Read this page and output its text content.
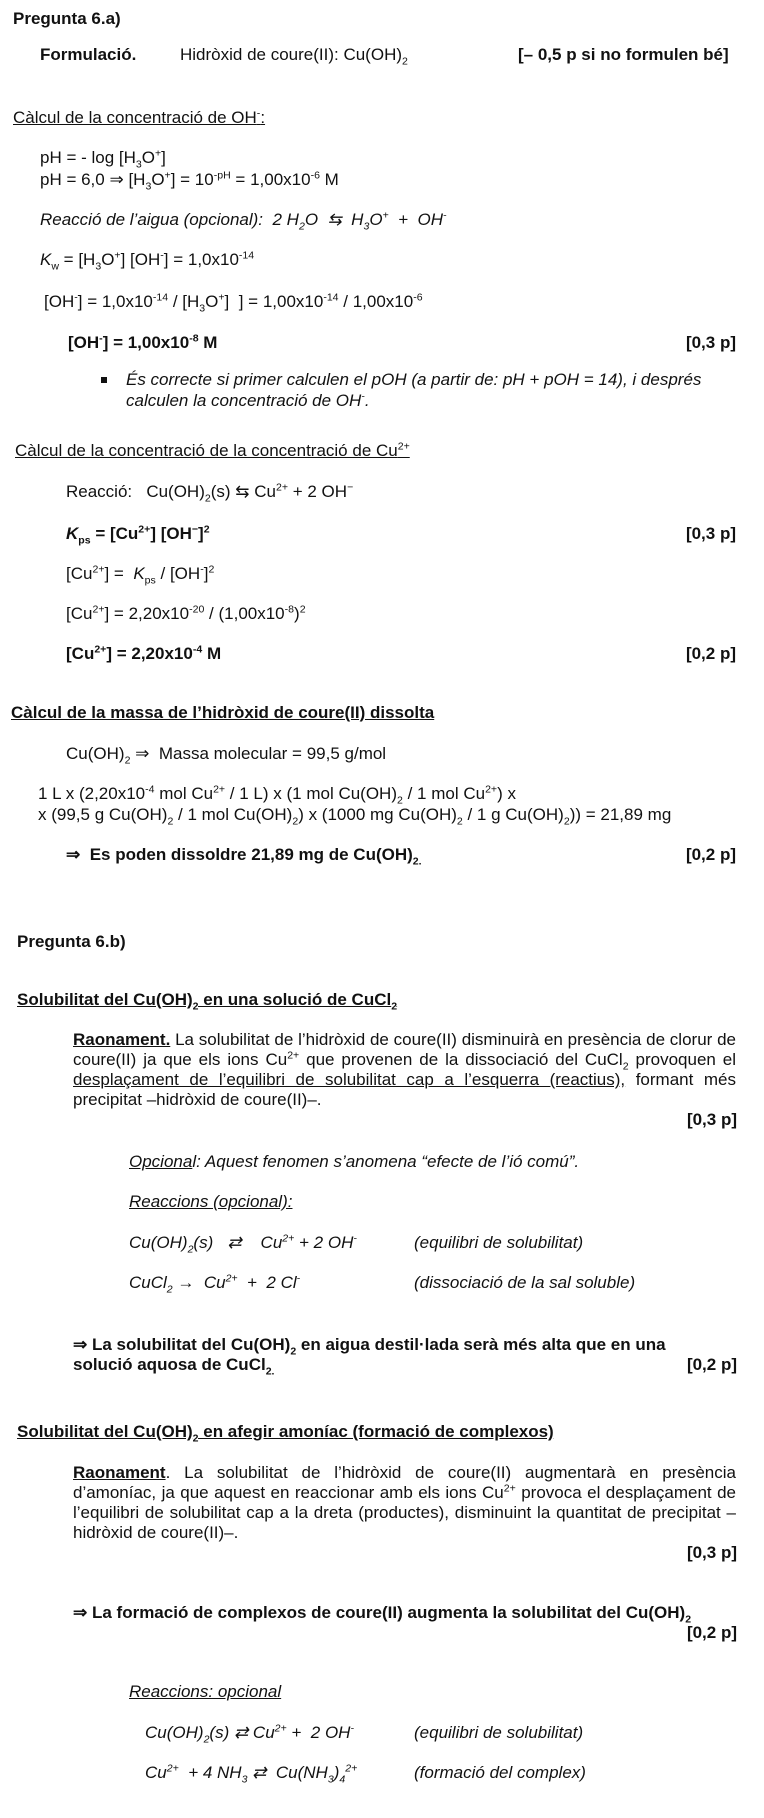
Pregunta 6.a)
Formulació.	Hidròxid de coure(II): $Cu(OH)_2$	[– 0,5 p si no formulen bé]
Càlcul de la concentració de OH-:
pH = - $\log [H_3O^+]$
pH = 6,0 ⇒ $[H_3O^+] = 10^{-pH} = 1,00x10^{-6}$ M
Reacció de l’aigua (opcional): 2 $H_2O$  ⇆  $H_3O^+ + OH^-$
$K_w = [H_3O^+] [OH^-] = 1,0x10^{-14}$
$[OH^-] = 1,0x10^{-14} / [H_3O^+]$  ] = $1,00x10^{-14} / 1,00x10^{-6}$
$[OH^-] = 1,00x10^{-8}$ M	[0,3 p]
És correcte si primer calculen el pOH (a partir de: pH + pOH = 14), i després
calculen la concentració de OH-.
Càlcul de la concentració de la concentració de $Cu^{2+}$
Reacció: $Cu(OH)_2(s)$ ⇆ $Cu^{2+} + 2$ OH−
$K_{ps} = [Cu^{2+}]$ $[OH^-]^2$	[0,3 p]
$[Cu^{2+}] = K_{ps} / [OH^-]^2$
$[Cu^{2+}] = 2,20x10^{-20} / (1,00x10^{-8})^2$
$[Cu^{2+}] = 2,20x10^{-4}$ M	[0,2 p]
Càlcul de la massa de l’hidròxid de coure(II) dissolta
$Cu(OH)_2$ ⇒  Massa molecular = 99,5 g/mol
1 L x ($2,20x10^{-4}$ mol $Cu^{2+} / 1$ L) x (1 mol $Cu(OH)_2 / 1$ mol $Cu^{2+}$) x
x (99,5 g $Cu(OH)_2 / 1$ mol $Cu(OH)_2$) x (1000 mg $Cu(OH)_2 / 1$ g $Cu(OH)_2)) = 21,89$ mg
⇒  Es poden dissoldre 21,89 mg de $Cu(OH)_{2.}$	[0,2 p]
Pregunta 6.b)
Solubilitat del $Cu(OH)_2$ en una solució de CuCl$_2$
Raonament. La solubilitat de l’hidròxid de coure(II) disminuirà en presència de clorur de coure(II) ja que els ions $Cu^{2+}$ que provenen de la dissociació del CuCl$_2$ provoquen el desplaçament de l’equilibri de solubilitat cap a l’esquerra (reactius), formant més precipitat –hidròxid de coure(II)–.
[0,3 p]
Opcional: Aquest fenomen s’anomena “efecte de l’ió comú”.
Reaccions (opcional):
$Cu(OH)_2(s)$   ⇄    $Cu^{2+} + 2$ OH-	(equilibri de solubilitat)
CuCl$_2$ →  $Cu^{2+} + 2$ Cl-	(dissociació de la sal soluble)
⇒ La solubilitat del $Cu(OH)_2$ en aigua destil·lada serà més alta que en una
solució aquosa de CuCl$_{2.}$	[0,2 p]
Solubilitat del $Cu(OH)_2$ en afegir amoníac (formació de complexos)
Raonament. La solubilitat de l’hidròxid de coure(II) augmentarà en presència d’amoníac, ja que aquest en reaccionar amb els ions $Cu^{2+}$ provoca el desplaçament de l’equilibri de solubilitat cap a la dreta (productes), disminuint la quantitat de precipitat –hidròxid de coure(II)–.
[0,3 p]
⇒ La formació de complexos de coure(II) augmenta la solubilitat del $Cu(OH)_2$
[0,2 p]
Reaccions: opcional
$Cu(OH)_2(s)$ ⇄ $Cu^{2+} + 2$ OH-	(equilibri de solubilitat)
$Cu^{2+} + 4$ $NH_3$ ⇄  $Cu(NH_3)_4^{2+}$	(formació del complex)
